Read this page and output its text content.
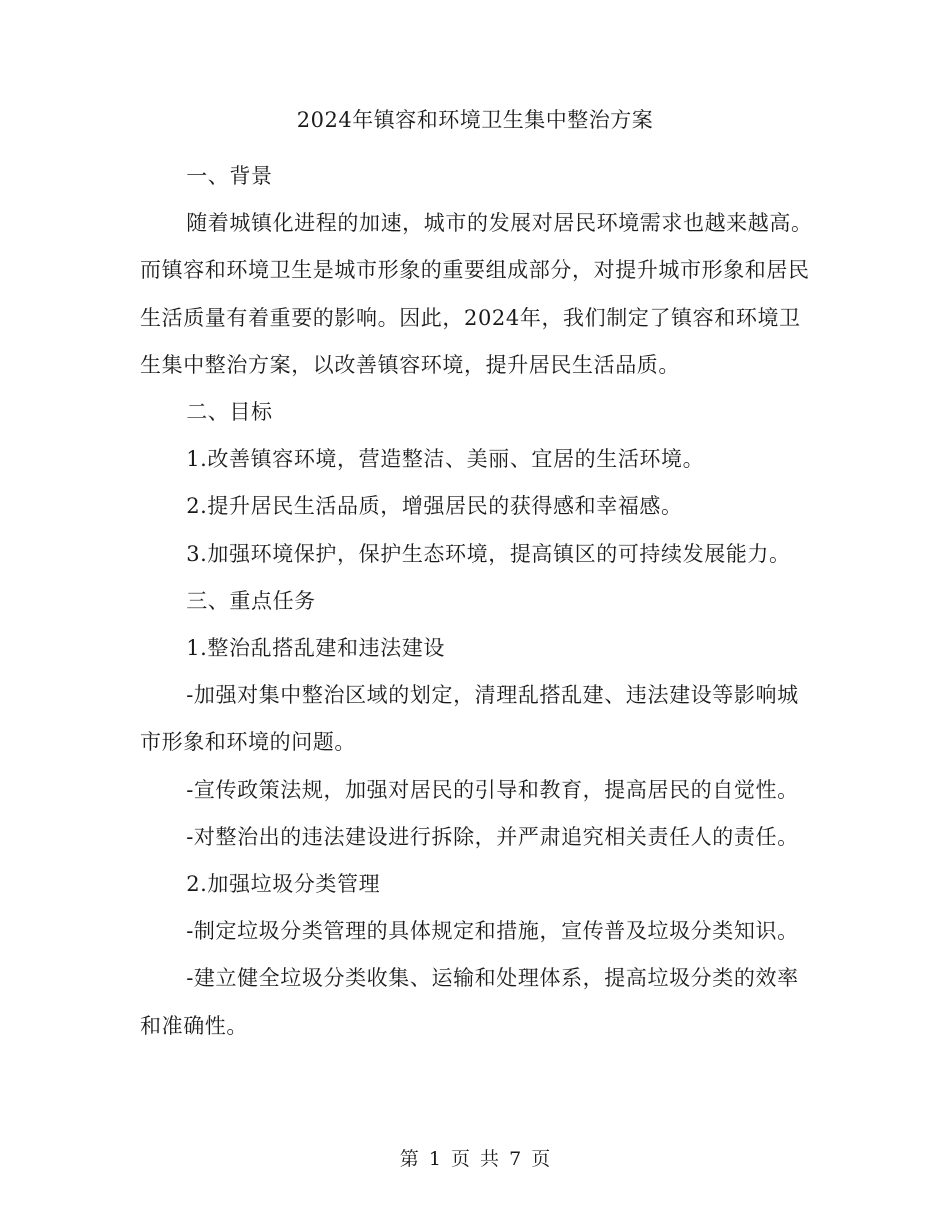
2024年镇容和环境卫生集中整治方案

一、背景

随着城镇化进程的加速，城市的发展对居民环境需求也越来越高。而镇容和环境卫生是城市形象的重要组成部分，对提升城市形象和居民生活质量有着重要的影响。因此，2024年，我们制定了镇容和环境卫生集中整治方案，以改善镇容环境，提升居民生活品质。

二、目标

1.改善镇容环境，营造整洁、美丽、宜居的生活环境。

2.提升居民生活品质，增强居民的获得感和幸福感。

3.加强环境保护，保护生态环境，提高镇区的可持续发展能力。

三、重点任务

1.整治乱搭乱建和违法建设

-加强对集中整治区域的划定，清理乱搭乱建、违法建设等影响城市形象和环境的问题。

-宣传政策法规，加强对居民的引导和教育，提高居民的自觉性。

-对整治出的违法建设进行拆除，并严肃追究相关责任人的责任。

2.加强垃圾分类管理

-制定垃圾分类管理的具体规定和措施，宣传普及垃圾分类知识。

-建立健全垃圾分类收集、运输和处理体系，提高垃圾分类的效率和准确性。

第 1 页 共 7 页
